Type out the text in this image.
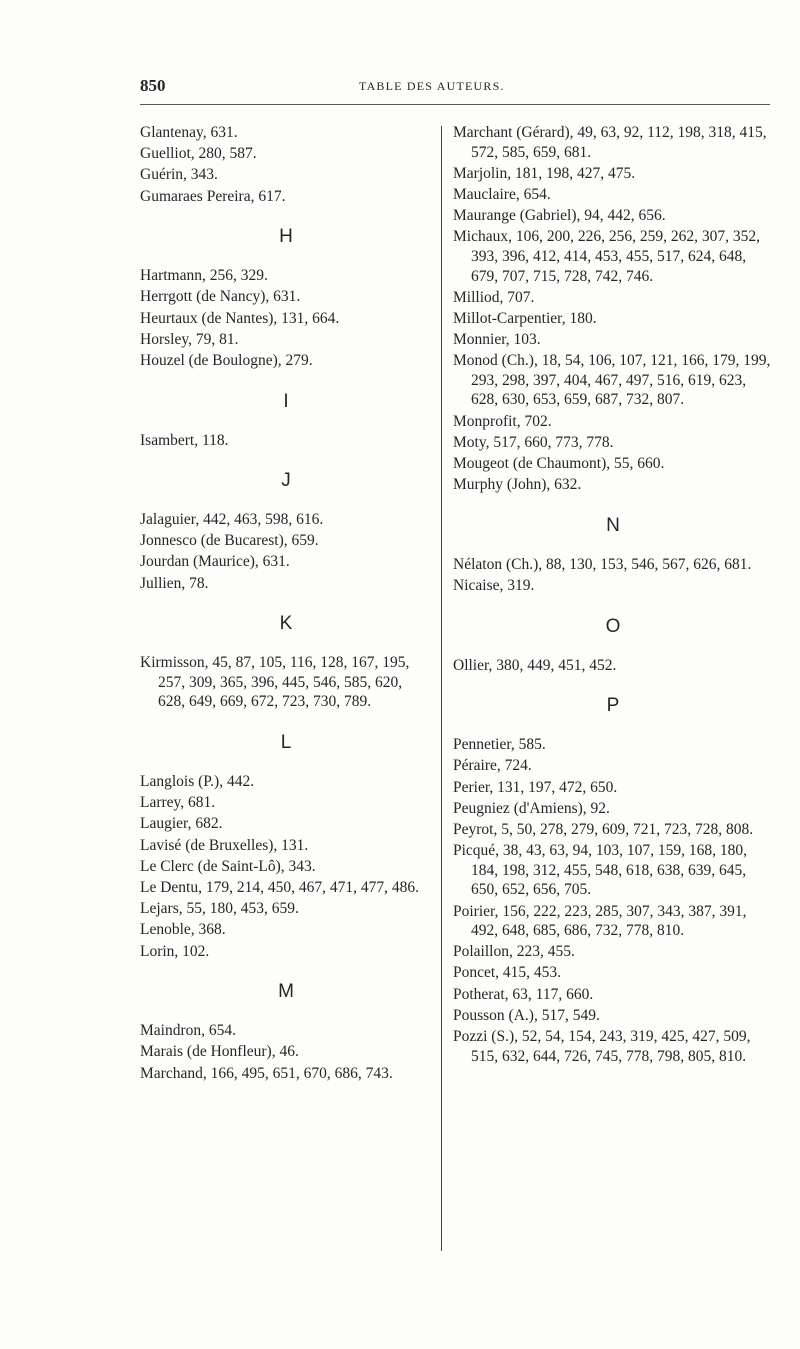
850	TABLE DES AUTEURS.
Glantenay, 631.
Guelliot, 280, 587.
Guérin, 343.
Gumaraes Pereira, 617.
H
Hartmann, 256, 329.
Herrgott (de Nancy), 631.
Heurtaux (de Nantes), 131, 664.
Horsley, 79, 81.
Houzel (de Boulogne), 279.
I
Isambert, 118.
J
Jalaguier, 442, 463, 598, 616.
Jonnesco (de Bucarest), 659.
Jourdan (Maurice), 631.
Jullien, 78.
K
Kirmisson, 45, 87, 105, 116, 128, 167, 195, 257, 309, 365, 396, 445, 546, 585, 620, 628, 649, 669, 672, 723, 730, 789.
L
Langlois (P.), 442.
Larrey, 681.
Laugier, 682.
Lavisé (de Bruxelles), 131.
Le Clerc (de Saint-Lô), 343.
Le Dentu, 179, 214, 450, 467, 471, 477, 486.
Lejars, 55, 180, 453, 659.
Lenoble, 368.
Lorin, 102.
M
Maindron, 654.
Marais (de Honfleur), 46.
Marchand, 166, 495, 651, 670, 686, 743.
Marchant (Gérard), 49, 63, 92, 112, 198, 318, 415, 572, 585, 659, 681.
Marjolin, 181, 198, 427, 475.
Mauclaire, 654.
Maurange (Gabriel), 94, 442, 656.
Michaux, 106, 200, 226, 256, 259, 262, 307, 352, 393, 396, 412, 414, 453, 455, 517, 624, 648, 679, 707, 715, 728, 742, 746.
Milliod, 707.
Millot-Carpentier, 180.
Monnier, 103.
Monod (Ch.), 18, 54, 106, 107, 121, 166, 179, 199, 293, 298, 397, 404, 467, 497, 516, 619, 623, 628, 630, 653, 659, 687, 732, 807.
Monprofit, 702.
Moty, 517, 660, 773, 778.
Mougeot (de Chaumont), 55, 660.
Murphy (John), 632.
N
Nélaton (Ch.), 88, 130, 153, 546, 567, 626, 681.
Nicaise, 319.
O
Ollier, 380, 449, 451, 452.
P
Pennetier, 585.
Péraire, 724.
Perier, 131, 197, 472, 650.
Peugniez (d'Amiens), 92.
Peyrot, 5, 50, 278, 279, 609, 721, 723, 728, 808.
Picqué, 38, 43, 63, 94, 103, 107, 159, 168, 180, 184, 198, 312, 455, 548, 618, 638, 639, 645, 650, 652, 656, 705.
Poirier, 156, 222, 223, 285, 307, 343, 387, 391, 492, 648, 685, 686, 732, 778, 810.
Polaillon, 223, 455.
Poncet, 415, 453.
Potherat, 63, 117, 660.
Pousson (A.), 517, 549.
Pozzi (S.), 52, 54, 154, 243, 319, 425, 427, 509, 515, 632, 644, 726, 745, 778, 798, 805, 810.
